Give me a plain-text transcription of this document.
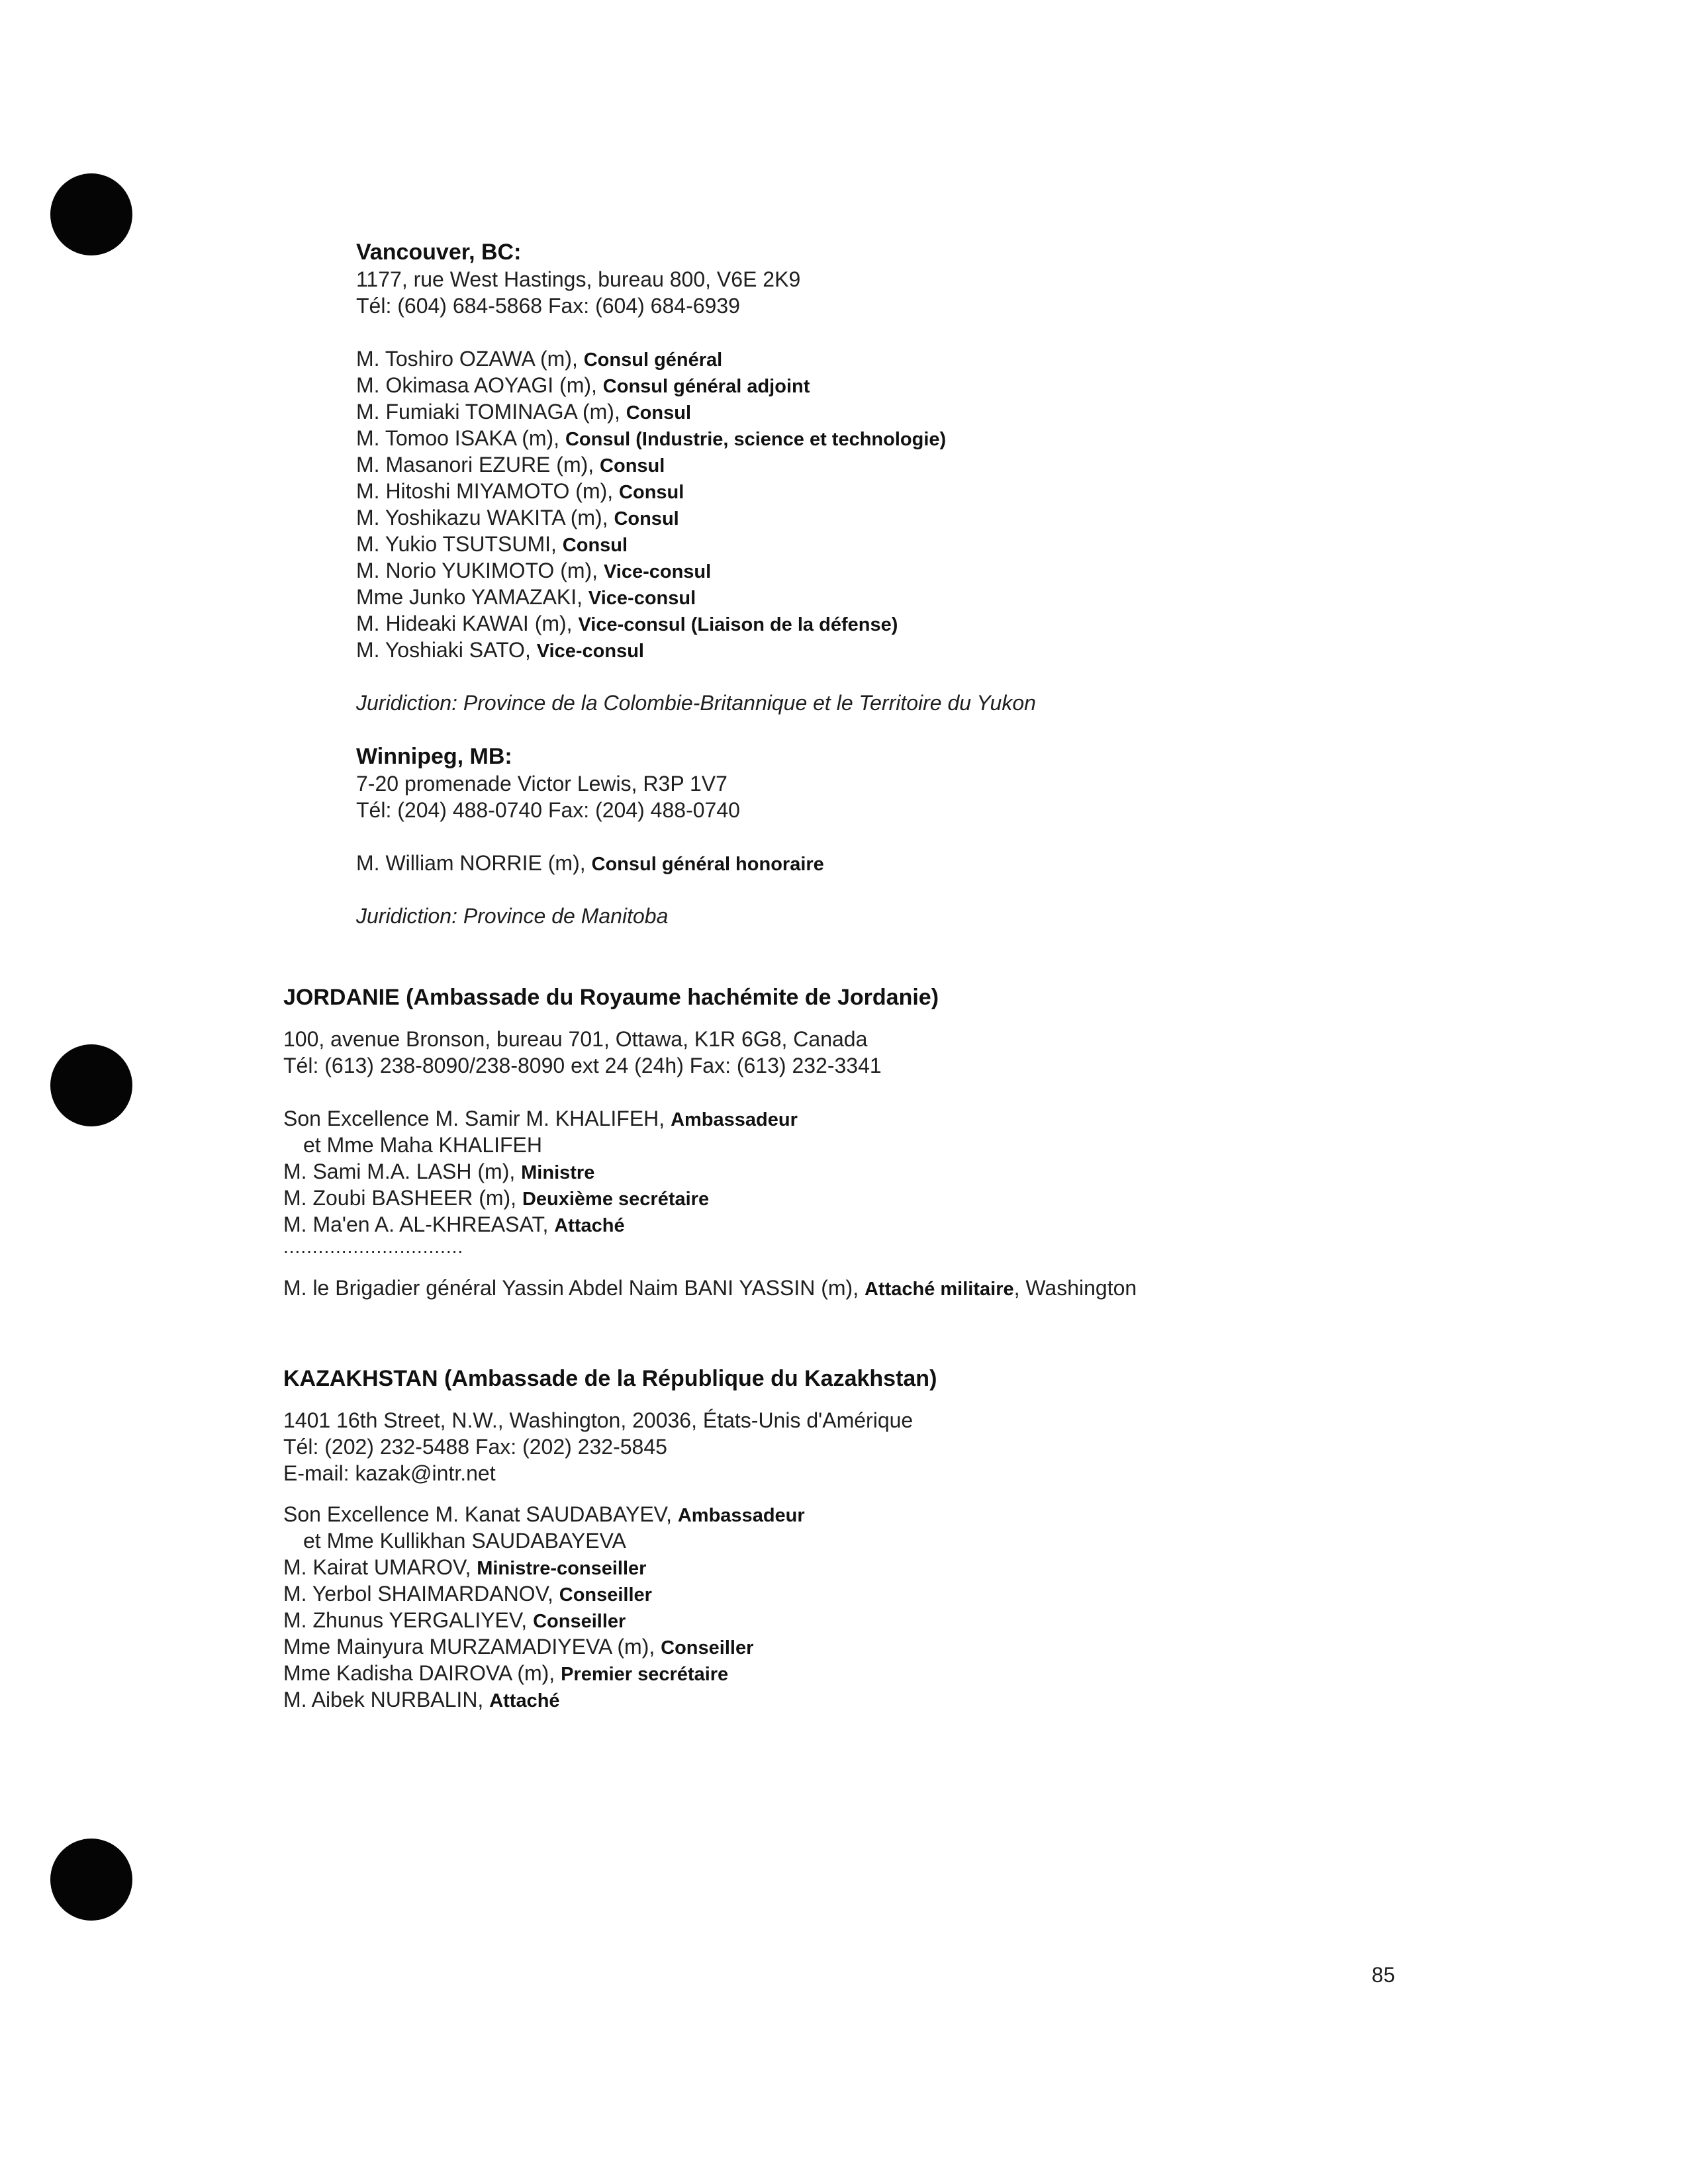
Vancouver, BC:
1177, rue West Hastings, bureau 800, V6E 2K9
Tél: (604) 684-5868 Fax: (604) 684-6939
M. Toshiro OZAWA (m), Consul général
M. Okimasa AOYAGI (m), Consul général adjoint
M. Fumiaki TOMINAGA (m), Consul
M. Tomoo ISAKA (m), Consul (Industrie, science et technologie)
M. Masanori EZURE (m), Consul
M. Hitoshi MIYAMOTO (m), Consul
M. Yoshikazu WAKITA (m), Consul
M. Yukio TSUTSUMI, Consul
M. Norio YUKIMOTO (m), Vice-consul
Mme Junko YAMAZAKI, Vice-consul
M. Hideaki KAWAI (m), Vice-consul (Liaison de la défense)
M. Yoshiaki SATO, Vice-consul
Juridiction: Province de la Colombie-Britannique et le Territoire du Yukon
Winnipeg, MB:
7-20 promenade Victor Lewis, R3P 1V7
Tél: (204) 488-0740 Fax: (204) 488-0740
M. William NORRIE (m), Consul général honoraire
Juridiction: Province de Manitoba
JORDANIE (Ambassade du Royaume hachémite de Jordanie)
100, avenue Bronson, bureau 701, Ottawa, K1R 6G8, Canada
Tél: (613) 238-8090/238-8090 ext 24 (24h) Fax: (613) 232-3341
Son Excellence M. Samir M. KHALIFEH, Ambassadeur
et Mme Maha KHALIFEH
M. Sami M.A. LASH (m), Ministre
M. Zoubi BASHEER (m), Deuxième secrétaire
M. Ma'en A. AL-KHREASAT, Attaché
...............................
M. le Brigadier général Yassin Abdel Naim BANI YASSIN (m), Attaché militaire, Washington
KAZAKHSTAN (Ambassade de la République du Kazakhstan)
1401 16th Street, N.W., Washington, 20036, États-Unis d'Amérique
Tél: (202) 232-5488 Fax: (202) 232-5845
E-mail: kazak@intr.net
Son Excellence M. Kanat SAUDABAYEV, Ambassadeur
et Mme Kullikhan SAUDABAYEVA
M. Kairat UMAROV, Ministre-conseiller
M. Yerbol SHAIMARDANOV, Conseiller
M. Zhunus YERGALIYEV, Conseiller
Mme Mainyura MURZAMADIYEVA (m), Conseiller
Mme Kadisha DAIROVA (m), Premier secrétaire
M. Aibek NURBALIN, Attaché
85
